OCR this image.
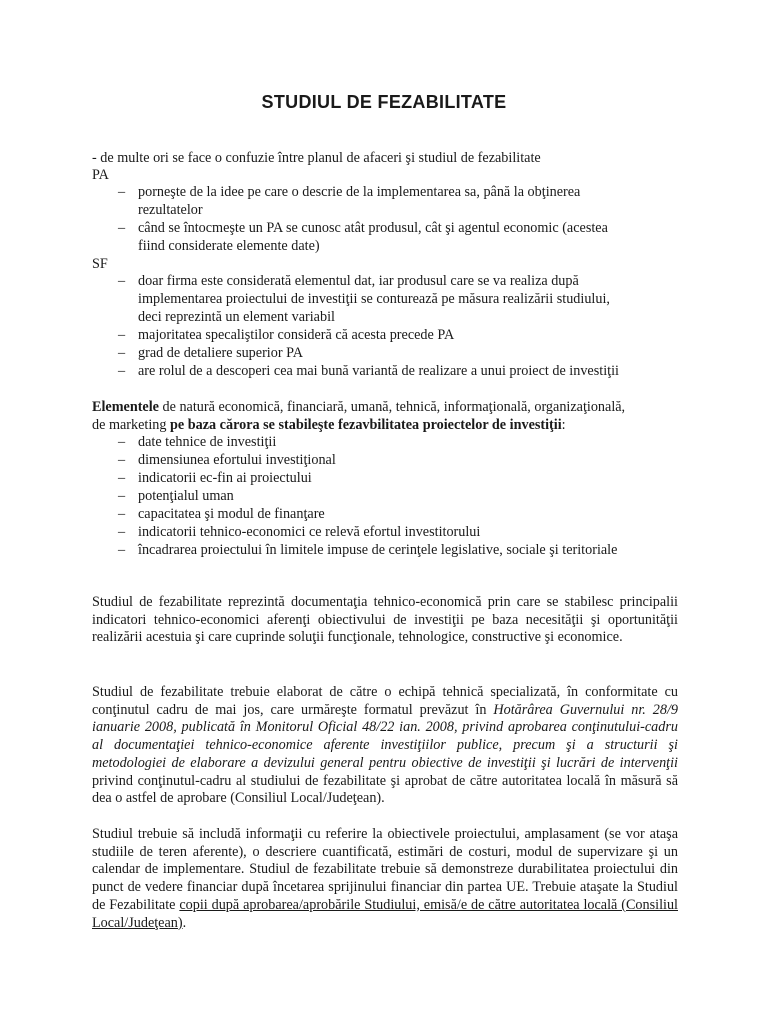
STUDIUL DE FEZABILITATE
- de multe ori se face o confuzie între planul de afaceri şi studiul de fezabilitate
PA
– porneşte de la idee pe care o descrie de la implementarea sa, până la obţinerea
rezultatelor
– când se întocmeşte un PA se cunosc atât produsul, cât şi agentul economic (acestea
fiind considerate elemente date)
SF
– doar firma este considerată elementul dat, iar produsul care se va realiza după
implementarea proiectului de investiţii se conturează pe măsura realizării studiului,
deci reprezintă un element variabil
– majoritatea specaliştilor consideră că acesta precede PA
– grad de detaliere superior PA
– are rolul de a descoperi cea mai bună variantă de realizare a unui proiect de investiţii
Elementele de natură economică, financiară, umană, tehnică, informaţională, organizaţională,
de marketing pe baza cărora se stabileşte fezavbilitatea proiectelor de investiţii:
– date tehnice de investiţii
– dimensiunea efortului investiţional
– indicatorii ec-fin ai proiectului
– potenţialul uman
– capacitatea şi modul de finanţare
– indicatorii tehnico-economici ce relevă efortul investitorului
– încadrarea proiectului în limitele impuse de cerinţele legislative, sociale şi teritoriale

Studiul de fezabilitate reprezintă documentaţia tehnico-economică prin care se stabilesc principalii indicatori tehnico-economici aferenţi obiectivului de investiţii pe baza necesităţii şi oportunităţii realizării acestuia şi care cuprinde soluţii funcţionale, tehnologice, constructive şi economice.

Studiul de fezabilitate trebuie elaborat de către o echipă tehnică specializată, în conformitate cu conţinutul cadru de mai jos, care urmăreşte formatul prevăzut în Hotărârea Guvernului nr. 28/9 ianuarie 2008, publicată în Monitorul Oficial 48/22 ian. 2008, privind aprobarea conţinutului-cadru al documentaţiei tehnico-economice aferente investiţiilor publice, precum şi a structurii şi metodologiei de elaborare a devizului general pentru obiective de investiţii şi lucrări de intervenţii privind conţinutul-cadru al studiului de fezabilitate şi aprobat de către autoritatea locală în măsură să dea o astfel de aprobare (Consiliul Local/Judeţean).

Studiul trebuie să includă informaţii cu referire la obiectivele proiectului, amplasament (se vor ataşa studiile de teren aferente), o descriere cuantificată, estimări de costuri, modul de supervizare şi un calendar de implementare. Studiul de fezabilitate trebuie să demonstreze durabilitatea proiectului din punct de vedere financiar după încetarea sprijinului financiar din partea UE. Trebuie ataşate la Studiul de Fezabilitate copii după aprobarea/aprobările Studiului, emisă/e de către autoritatea locală (Consiliul Local/Judeţean).
